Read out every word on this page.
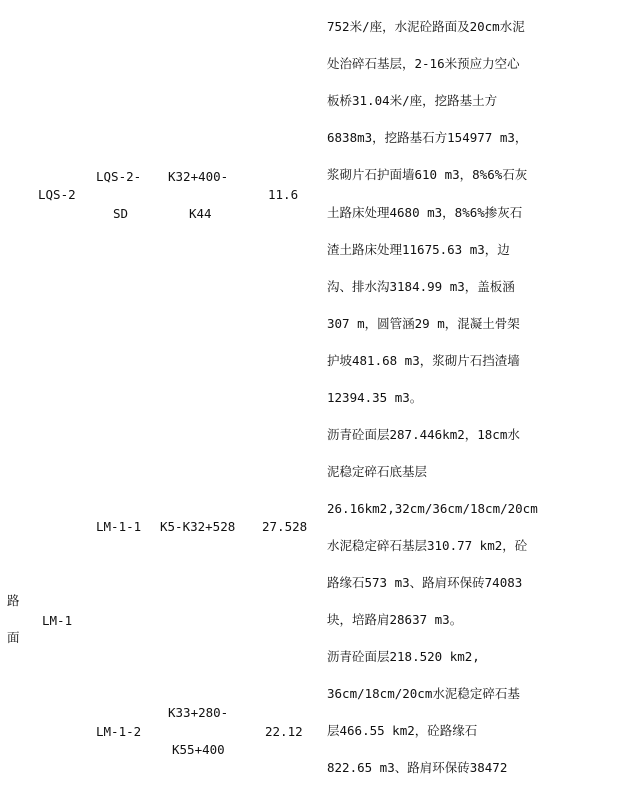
LQS-2
LQS-2-
SD
K32+400-
K44
11.6
752米/座，水泥砼路面及20cm水泥
处治碎石基层，2-16米预应力空心
板桥31.04米/座，挖路基土方
6838m3，挖路基石方154977 m3，
浆砌片石护面墙610 m3，8%6%石灰
土路床处理4680 m3，8%6%掺灰石
渣土路床处理11675.63 m3，边
沟、排水沟3184.99 m3，盖板涵
307 m，圆管涵29 m，混凝土骨架
护坡481.68 m3，浆砌片石挡渣墙
12394.35 m3。
LM-1-1 K5-K32+528 27.528
沥青砼面层287.446km2，18cm水
泥稳定碎石底基层
26.16km2,32cm/36cm/18cm/20cm
水泥稳定碎石基层310.77 km2，砼
路缘石573 m3、路肩环保砖74083
块，培路肩28637 m3。
路
面
LM-1
LM-1-2
K33+280-
K55+400
22.12
沥青砼面层218.520 km2,
36cm/18cm/20cm水泥稳定碎石基
层466.55 km2，砼路缘石
822.65 m3、路肩环保砖38472
